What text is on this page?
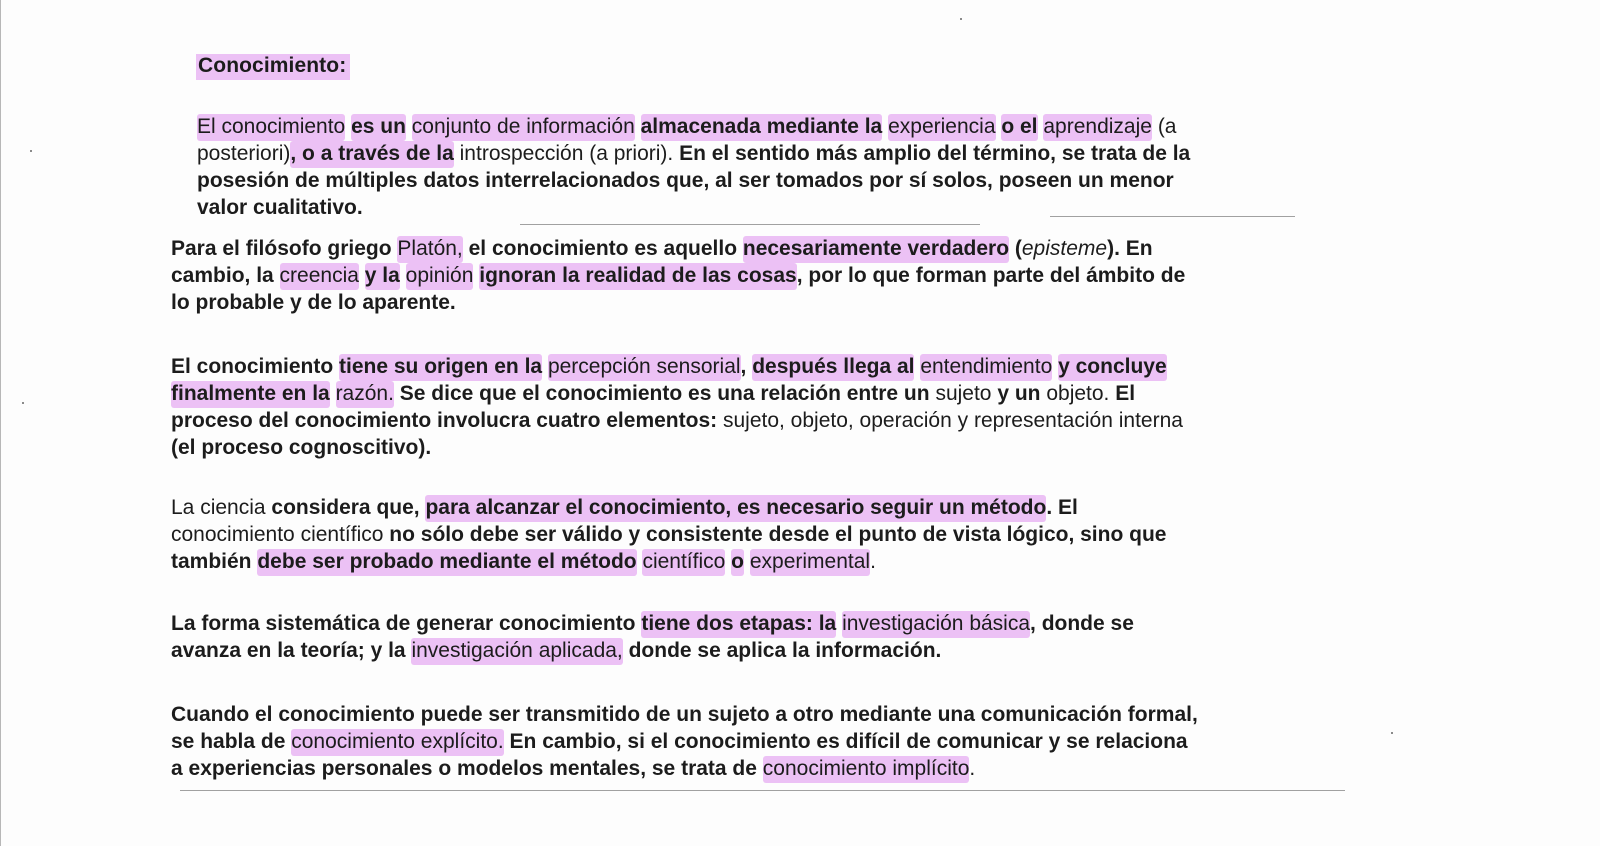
Conocimiento:

El conocimiento es un conjunto de información almacenada mediante la experiencia o el aprendizaje (a
posteriori), o a través de la introspección (a priori). En el sentido más amplio del término, se trata de la
posesión de múltiples datos interrelacionados que, al ser tomados por sí solos, poseen un menor
valor cualitativo.

Para el filósofo griego Platón, el conocimiento es aquello necesariamente verdadero (episteme). En
cambio, la creencia y la opinión ignoran la realidad de las cosas, por lo que forman parte del ámbito de
lo probable y de lo aparente.

El conocimiento tiene su origen en la percepción sensorial, después llega al entendimiento y concluye
finalmente en la razón. Se dice que el conocimiento es una relación entre un sujeto y un objeto. El
proceso del conocimiento involucra cuatro elementos: sujeto, objeto, operación y representación interna
(el proceso cognoscitivo).

La ciencia considera que, para alcanzar el conocimiento, es necesario seguir un método. El
conocimiento científico no sólo debe ser válido y consistente desde el punto de vista lógico, sino que
también debe ser probado mediante el método científico o experimental.

La forma sistemática de generar conocimiento tiene dos etapas: la investigación básica, donde se
avanza en la teoría; y la investigación aplicada, donde se aplica la información.

Cuando el conocimiento puede ser transmitido de un sujeto a otro mediante una comunicación formal,
se habla de conocimiento explícito. En cambio, si el conocimiento es difícil de comunicar y se relaciona
a experiencias personales o modelos mentales, se trata de conocimiento implícito.
